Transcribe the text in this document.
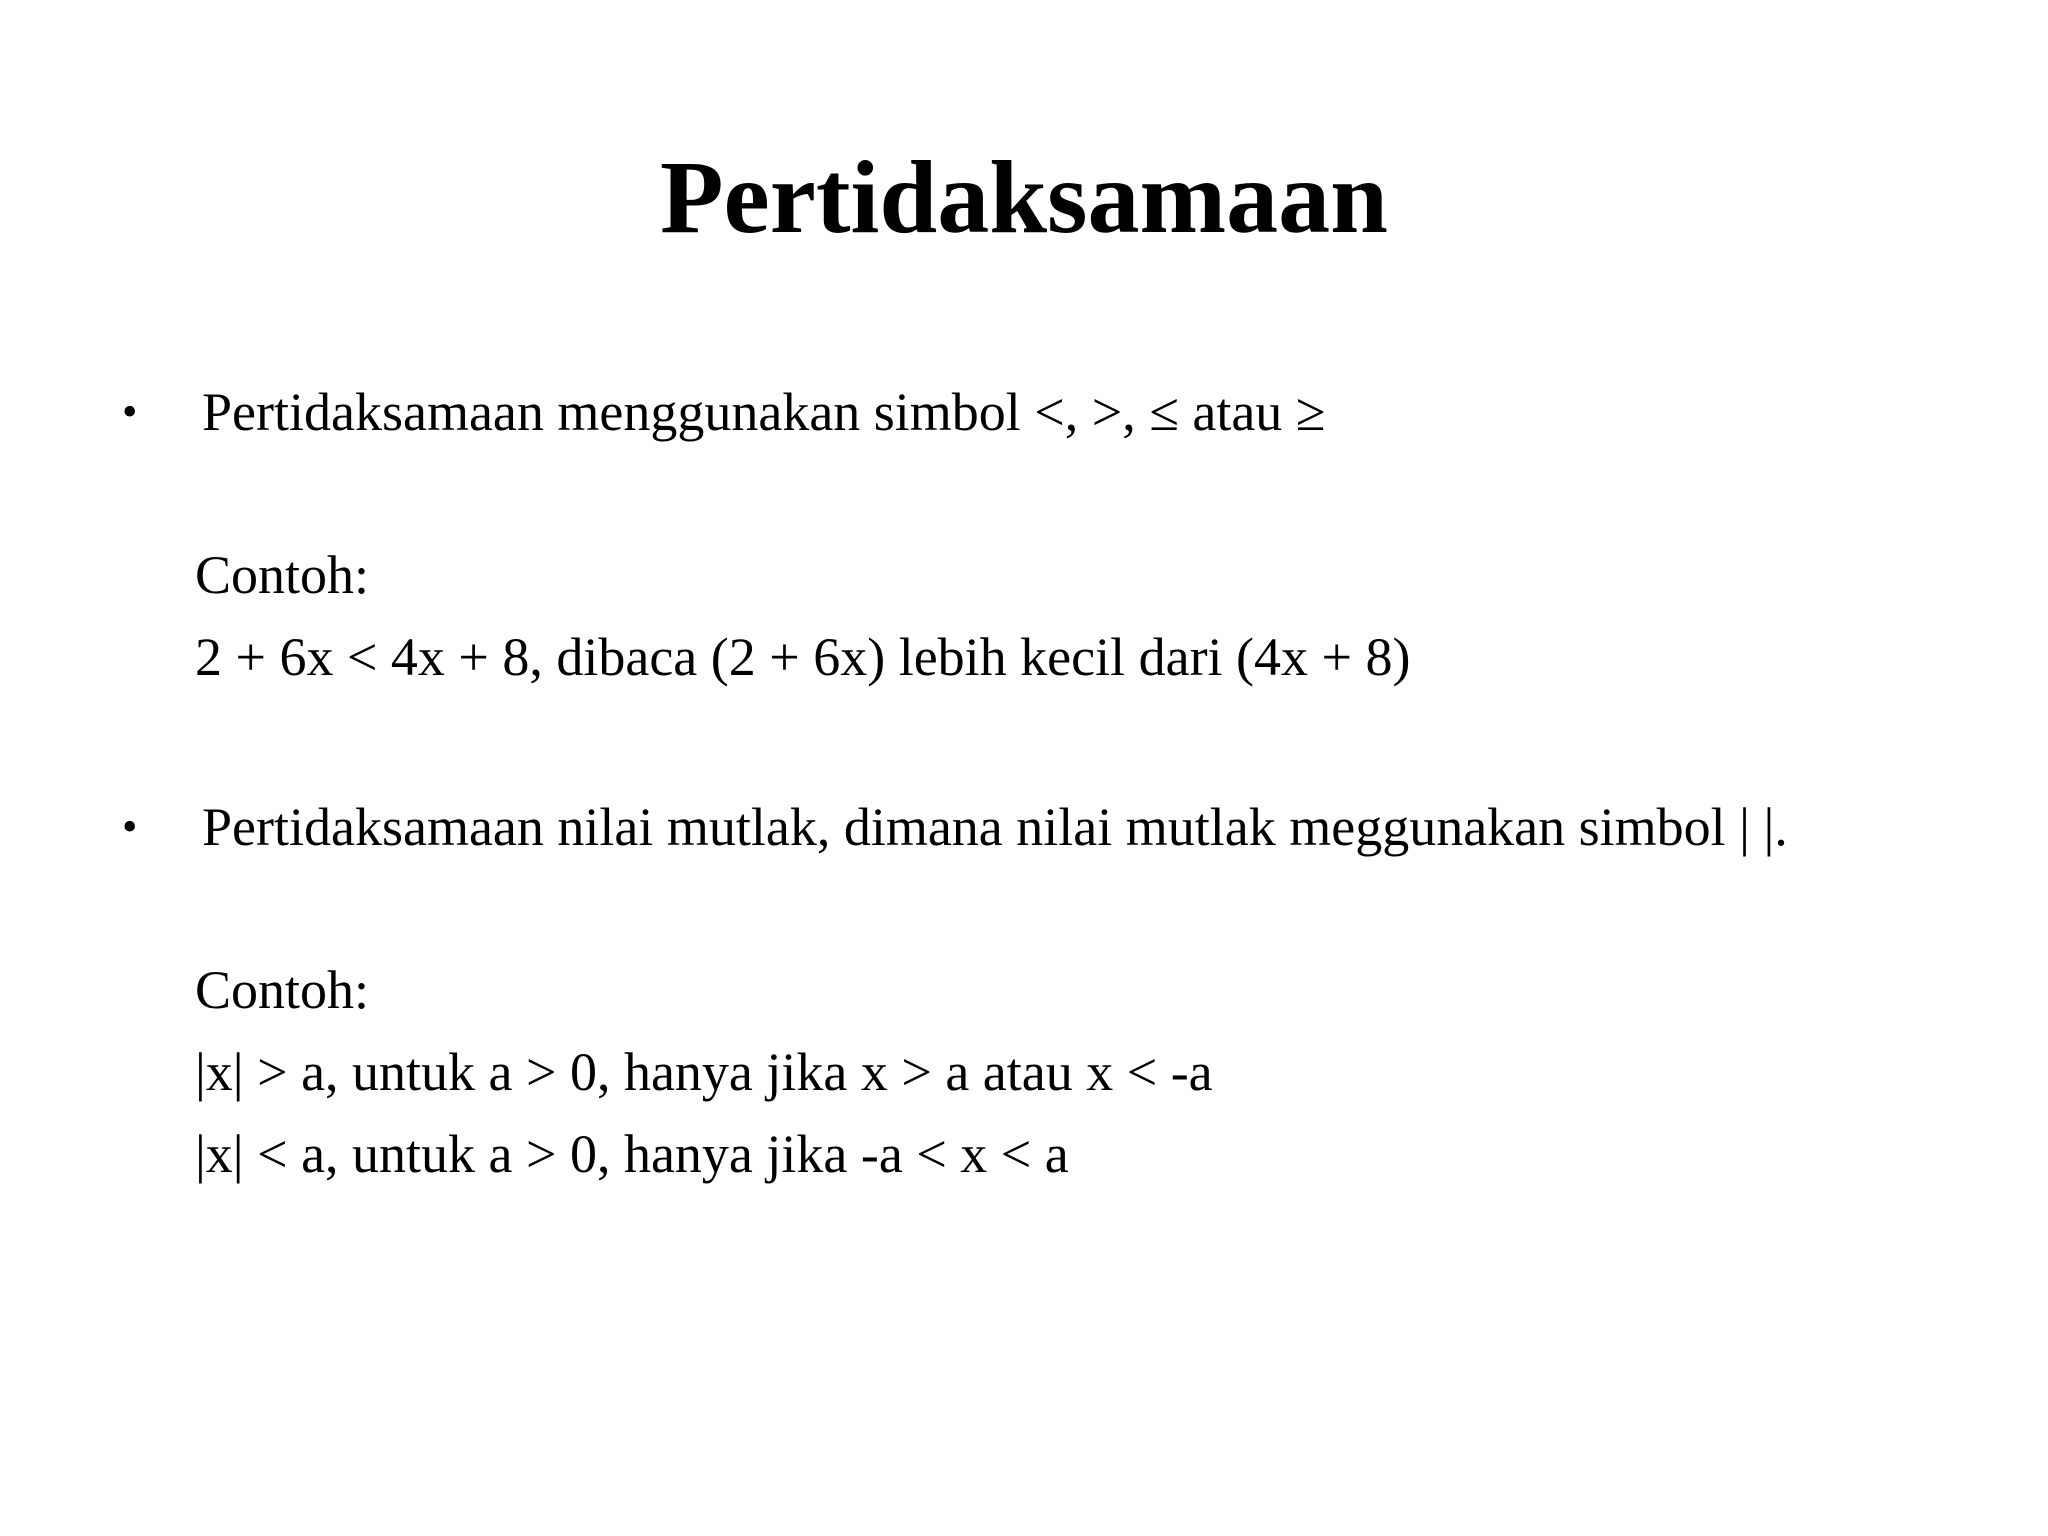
Pertidaksamaan
• Pertidaksamaan menggunakan simbol <, >, ≤ atau ≥

Contoh:

2 + 6x < 4x + 8, dibaca (2 + 6x) lebih kecil dari (4x + 8)

• Pertidaksamaan nilai mutlak, dimana nilai mutlak meggunakan simbol | |.

Contoh:

|x| > a, untuk a > 0, hanya jika x > a atau x < -a

|x| < a, untuk a > 0, hanya jika -a < x < a
